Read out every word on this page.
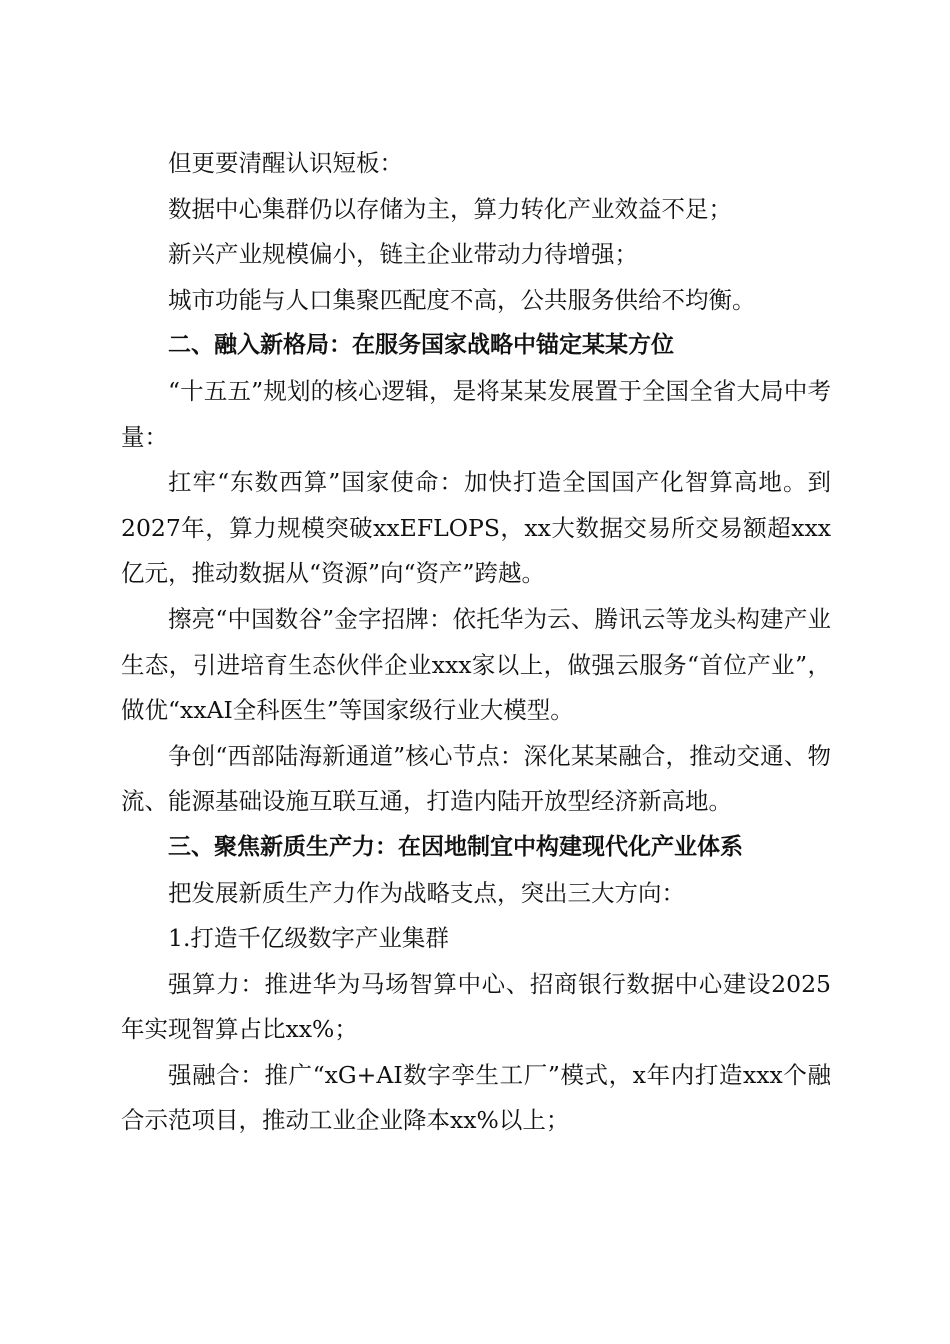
但更要清醒认识短板：

数据中心集群仍以存储为主，算力转化产业效益不足；

新兴产业规模偏小，链主企业带动力待增强；

城市功能与人口集聚匹配度不高，公共服务供给不均衡。

二、融入新格局：在服务国家战略中锚定某某方位

“十五五”规划的核心逻辑，是将某某发展置于全国全省大局中考量：

扛牢“东数西算”国家使命：加快打造全国国产化智算高地。到2027年，算力规模突破xxEFLOPS，xx大数据交易所交易额超xxx亿元，推动数据从“资源”向“资产”跨越。

擦亮“中国数谷”金字招牌：依托华为云、腾讯云等龙头构建产业生态，引进培育生态伙伴企业xxx家以上，做强云服务“首位产业”，做优“xxAI全科医生”等国家级行业大模型。

争创“西部陆海新通道”核心节点：深化某某融合，推动交通、物流、能源基础设施互联互通，打造内陆开放型经济新高地。

三、聚焦新质生产力：在因地制宜中构建现代化产业体系

把发展新质生产力作为战略支点，突出三大方向：

1.打造千亿级数字产业集群

强算力：推进华为马场智算中心、招商银行数据中心建设2025年实现智算占比xx%；

强融合：推广“xG+AI数字孪生工厂”模式，x年内打造xxx个融合示范项目，推动工业企业降本xx%以上；
